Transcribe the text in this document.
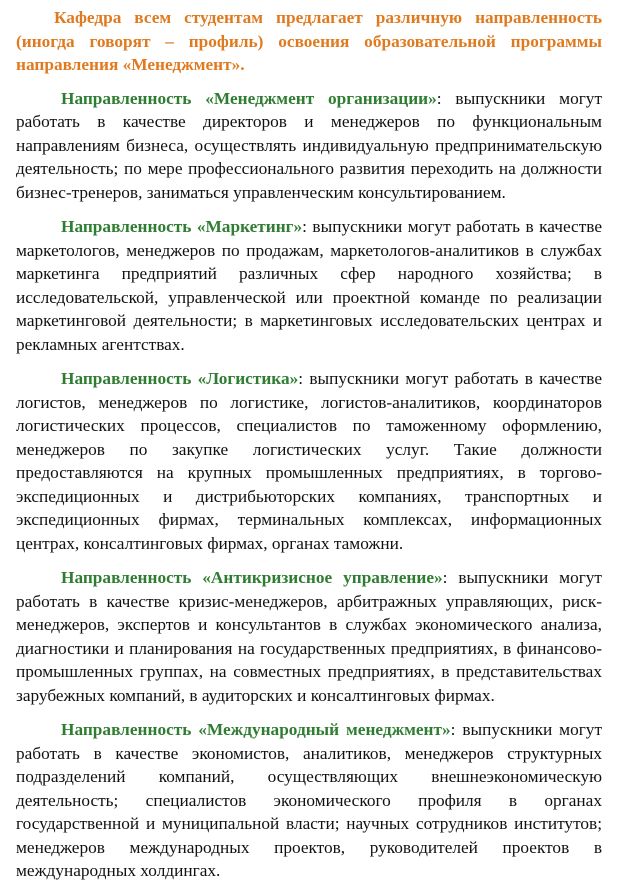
Кафедра всем студентам предлагает различную направленность (иногда говорят – профиль) освоения образовательной программы направления «Менеджмент».

Направленность «Менеджмент организации»: выпускники могут работать в качестве директоров и менеджеров по функциональным направлениям бизнеса, осуществлять индивидуальную предпринимательскую деятельность; по мере профессионального развития переходить на должности бизнес-тренеров, заниматься управленческим консультированием.

Направленность «Маркетинг»: выпускники могут работать в качестве маркетологов, менеджеров по продажам, маркетологов-аналитиков в службах маркетинга предприятий различных сфер народного хозяйства; в исследовательской, управленческой или проектной команде по реализации маркетинговой деятельности; в маркетинговых исследовательских центрах и рекламных агентствах.

Направленность «Логистика»: выпускники могут работать в качестве логистов, менеджеров по логистике, логистов-аналитиков, координаторов логистических процессов, специалистов по таможенному оформлению, менеджеров по закупке логистических услуг. Такие должности предоставляются на крупных промышленных предприятиях, в торгово-экспедиционных и дистрибьюторских компаниях, транспортных и экспедиционных фирмах, терминальных комплексах, информационных центрах, консалтинговых фирмах, органах таможни.

Направленность «Антикризисное управление»: выпускники могут работать в качестве кризис-менеджеров, арбитражных управляющих, риск-менеджеров, экспертов и консультантов в службах экономического анализа, диагностики и планирования на государственных предприятиях, в финансово-промышленных группах, на совместных предприятиях, в представительствах зарубежных компаний, в аудиторских и консалтинговых фирмах.

Направленность «Международный менеджмент»: выпускники могут работать в качестве экономистов, аналитиков, менеджеров структурных подразделений компаний, осуществляющих внешнеэкономическую деятельность; специалистов экономического профиля в органах государственной и муниципальной власти; научных сотрудников институтов; менеджеров международных проектов, руководителей проектов в международных холдингах.
